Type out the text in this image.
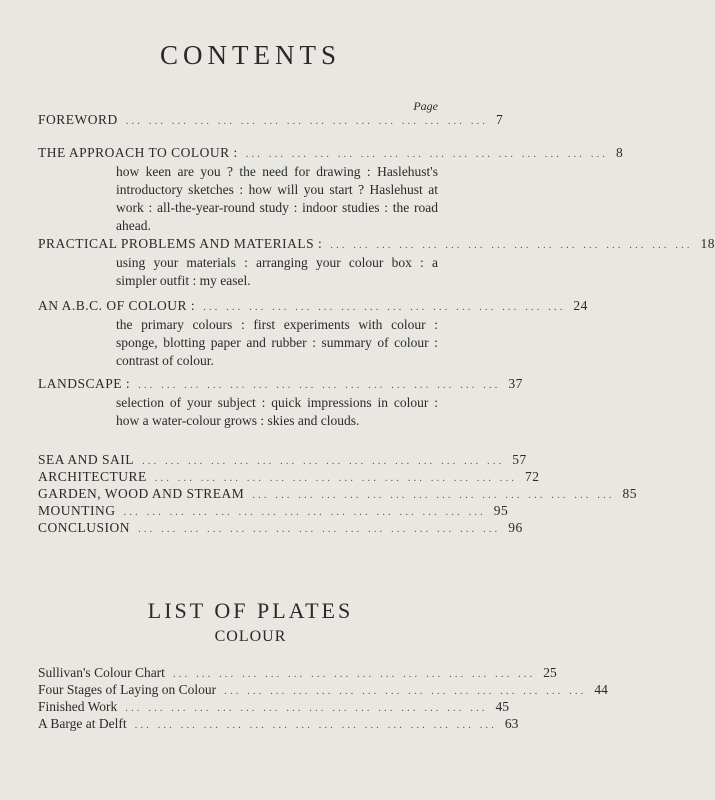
CONTENTS
Page
FOREWORD ... ... ... ... ... ... ... ... ... ... ... ... ... ... ... ... 7
THE APPROACH TO COLOUR : ... ... ... ... ... ... ... ... ... ... ... ... ... ... ... ... 8
how keen are you ? the need for drawing : Haslehust's introductory sketches : how will you start ? Haslehust at work : all-the-year-round study : indoor studies : the road ahead.
PRACTICAL PROBLEMS AND MATERIALS : ... ... ... ... ... ... ... ... ... ... ... ... ... ... ... ... 18
using your materials : arranging your colour box : a simpler outfit : my easel.
AN A.B.C. OF COLOUR : ... ... ... ... ... ... ... ... ... ... ... ... ... ... ... ... 24
the primary colours : first experiments with colour : sponge, blotting paper and rubber : summary of colour : contrast of colour.
LANDSCAPE : ... ... ... ... ... ... ... ... ... ... ... ... ... ... ... ... 37
selection of your subject : quick impressions in colour : how a water-colour grows : skies and clouds.
SEA AND SAIL ... ... ... ... ... ... ... ... ... ... ... ... ... ... ... ... 57
ARCHITECTURE ... ... ... ... ... ... ... ... ... ... ... ... ... ... ... ... 72
GARDEN, WOOD AND STREAM ... ... ... ... ... ... ... ... ... ... ... ... ... ... ... ... 85
MOUNTING ... ... ... ... ... ... ... ... ... ... ... ... ... ... ... ... 95
CONCLUSION ... ... ... ... ... ... ... ... ... ... ... ... ... ... ... ... 96
LIST OF PLATES
COLOUR
Sullivan's Colour Chart ... ... ... ... ... ... ... ... ... ... ... ... ... ... ... ... 25
Four Stages of Laying on Colour ... ... ... ... ... ... ... ... ... ... ... ... ... ... ... ... 44
Finished Work ... ... ... ... ... ... ... ... ... ... ... ... ... ... ... ... 45
A Barge at Delft ... ... ... ... ... ... ... ... ... ... ... ... ... ... ... ... 63
